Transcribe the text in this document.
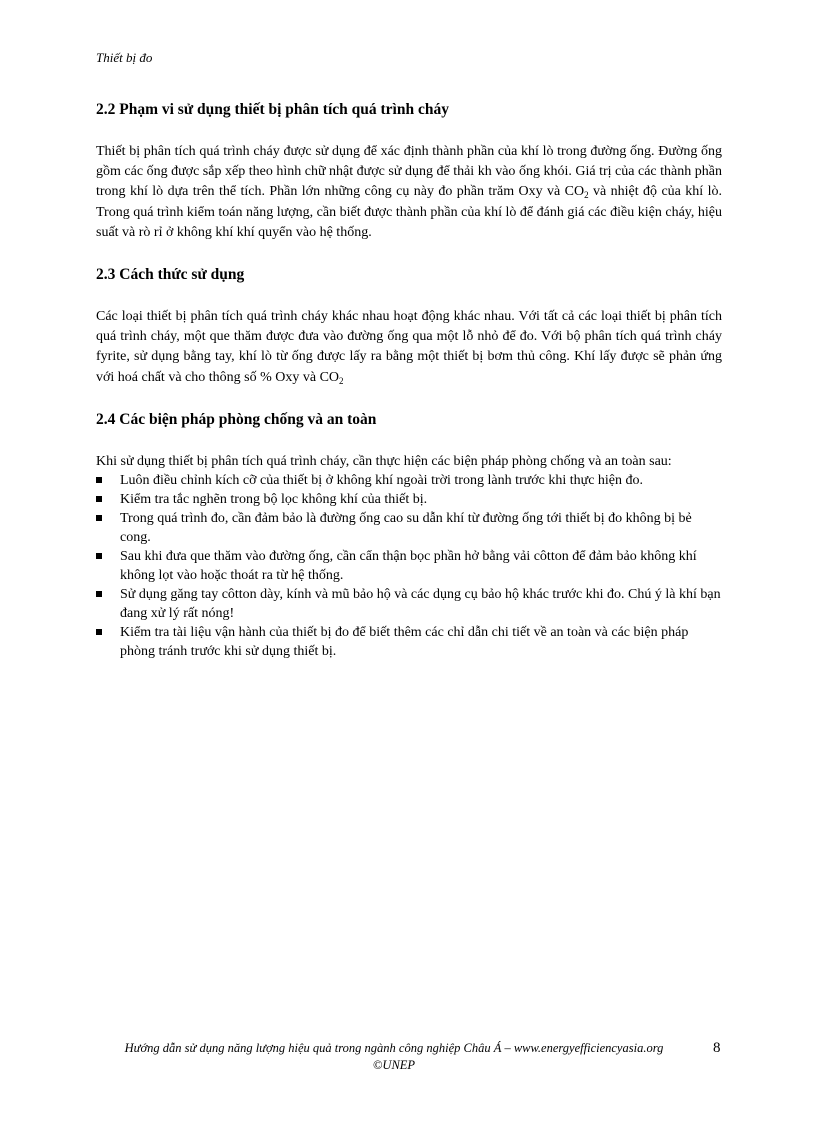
Thiết bị đo
2.2 Phạm vi sử dụng thiết bị phân tích quá trình cháy

Thiết bị phân tích quá trình cháy được sử dụng để xác định thành phần của khí lò trong đường ống. Đường ống gồm các ống được sắp xếp theo hình chữ nhật được sử dụng để thải kh vào ống khói. Giá trị của các thành phần trong khí lò dựa trên thể tích. Phần lớn những công cụ này đo phần trăm Oxy và $CO_2$ và nhiệt độ của khí lò. Trong quá trình kiểm toán năng lượng, cần biết được thành phần của khí lò để đánh giá các điều kiện cháy, hiệu suất và rò rỉ ở không khí khí quyển vào hệ thống.

2.3 Cách thức sử dụng

Các loại thiết bị phân tích quá trình cháy khác nhau hoạt động khác nhau. Với tất cả các loại thiết bị phân tích quá trình cháy, một que thăm được đưa vào đường ống qua một lỗ nhỏ để đo. Với bộ phân tích quá trình cháy fyrite, sử dụng bằng tay, khí lò từ ống được lấy ra bằng một thiết bị bơm thủ công. Khí lấy được sẽ phản ứng với hoá chất và cho thông số % Oxy và $CO_2$

2.4 Các biện pháp phòng chống và an toàn

Khi sử dụng thiết bị phân tích quá trình cháy, cần thực hiện các biện pháp phòng chống và an toàn sau:

Luôn điều chỉnh kích cỡ của thiết bị ở không khí ngoài trời trong lành trước khi thực hiện đo.
Kiểm tra tắc nghẽn trong bộ lọc không khí của thiết bị.
Trong quá trình đo, cần đảm bảo là đường ống cao su dẫn khí từ đường ống tới thiết bị đo không bị bẻ cong.
Sau khi đưa que thăm vào đường ống, cần cẩn thận bọc phần hở bằng vải côtton để đảm bảo không khí không lọt vào hoặc thoát ra từ hệ thống.
Sử dụng găng tay côtton dày, kính và mũ bảo hộ và các dụng cụ bảo hộ khác trước khi đo. Chú ý là khí bạn đang xử lý rất nóng!
Kiểm tra tài liệu vận hành của thiết bị đo để biết thêm các chỉ dẫn chi tiết về an toàn và các biện pháp phòng tránh trước khi sử dụng thiết bị.
Hướng dẫn sử dụng năng lượng hiệu quả trong ngành công nghiệp Châu Á – www.energyefficiencyasia.org
©UNEP
8
